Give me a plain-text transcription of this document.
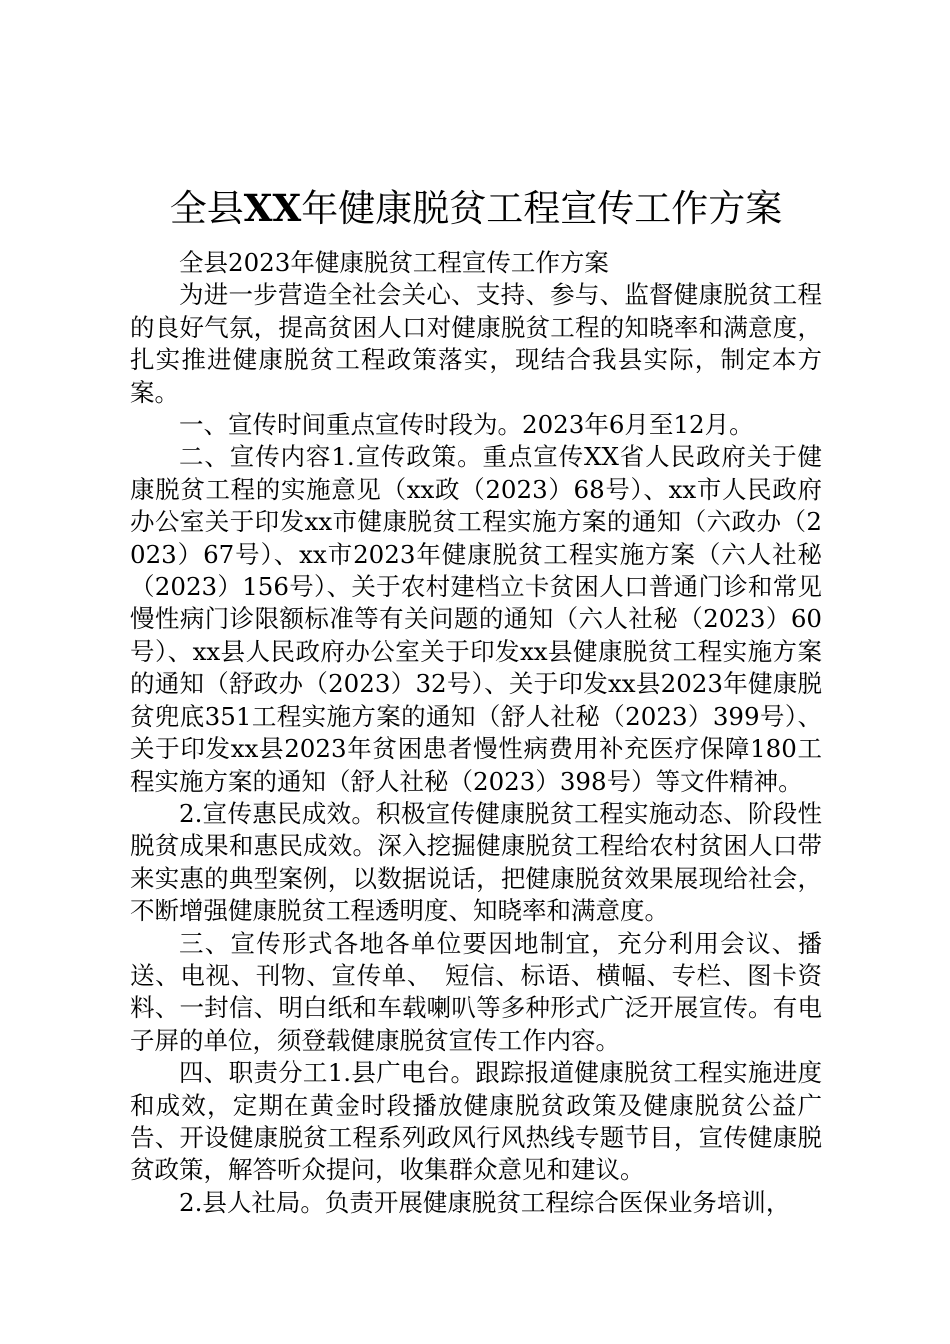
全县XX年健康脱贫工程宣传工作方案

全县2023年健康脱贫工程宣传工作方案

为进一步营造全社会关心、支持、参与、监督健康脱贫工程的良好气氛，提高贫困人口对健康脱贫工程的知晓率和满意度，扎实推进健康脱贫工程政策落实，现结合我县实际，制定本方案。

一、宣传时间重点宣传时段为。2023年6月至12月。

二、宣传内容1.宣传政策。重点宣传XX省人民政府关于健康脱贫工程的实施意见（xx政（2023）68号）、xx市人民政府办公室关于印发xx市健康脱贫工程实施方案的通知（六政办（2023）67号）、xx市2023年健康脱贫工程实施方案（六人社秘（2023）156号）、关于农村建档立卡贫困人口普通门诊和常见慢性病门诊限额标准等有关问题的通知（六人社秘（2023）60号）、xx县人民政府办公室关于印发xx县健康脱贫工程实施方案的通知（舒政办（2023）32号）、关于印发xx县2023年健康脱贫兜底351工程实施方案的通知（舒人社秘（2023）399号）、关于印发xx县2023年贫困患者慢性病费用补充医疗保障180工程实施方案的通知（舒人社秘（2023）398号）等文件精神。

2.宣传惠民成效。积极宣传健康脱贫工程实施动态、阶段性脱贫成果和惠民成效。深入挖掘健康脱贫工程给农村贫困人口带来实惠的典型案例，以数据说话，把健康脱贫效果展现给社会，不断增强健康脱贫工程透明度、知晓率和满意度。

三、宣传形式各地各单位要因地制宜，充分利用会议、播送、电视、刊物、宣传单、　短信、标语、横幅、专栏、图卡资料、一封信、明白纸和车载喇叭等多种形式广泛开展宣传。有电子屏的单位，须登载健康脱贫宣传工作内容。

四、职责分工1.县广电台。跟踪报道健康脱贫工程实施进度和成效，定期在黄金时段播放健康脱贫政策及健康脱贫公益广告、开设健康脱贫工程系列政风行风热线专题节目，宣传健康脱贫政策，解答听众提问，收集群众意见和建议。

2.县人社局。负责开展健康脱贫工程综合医保业务培训，
